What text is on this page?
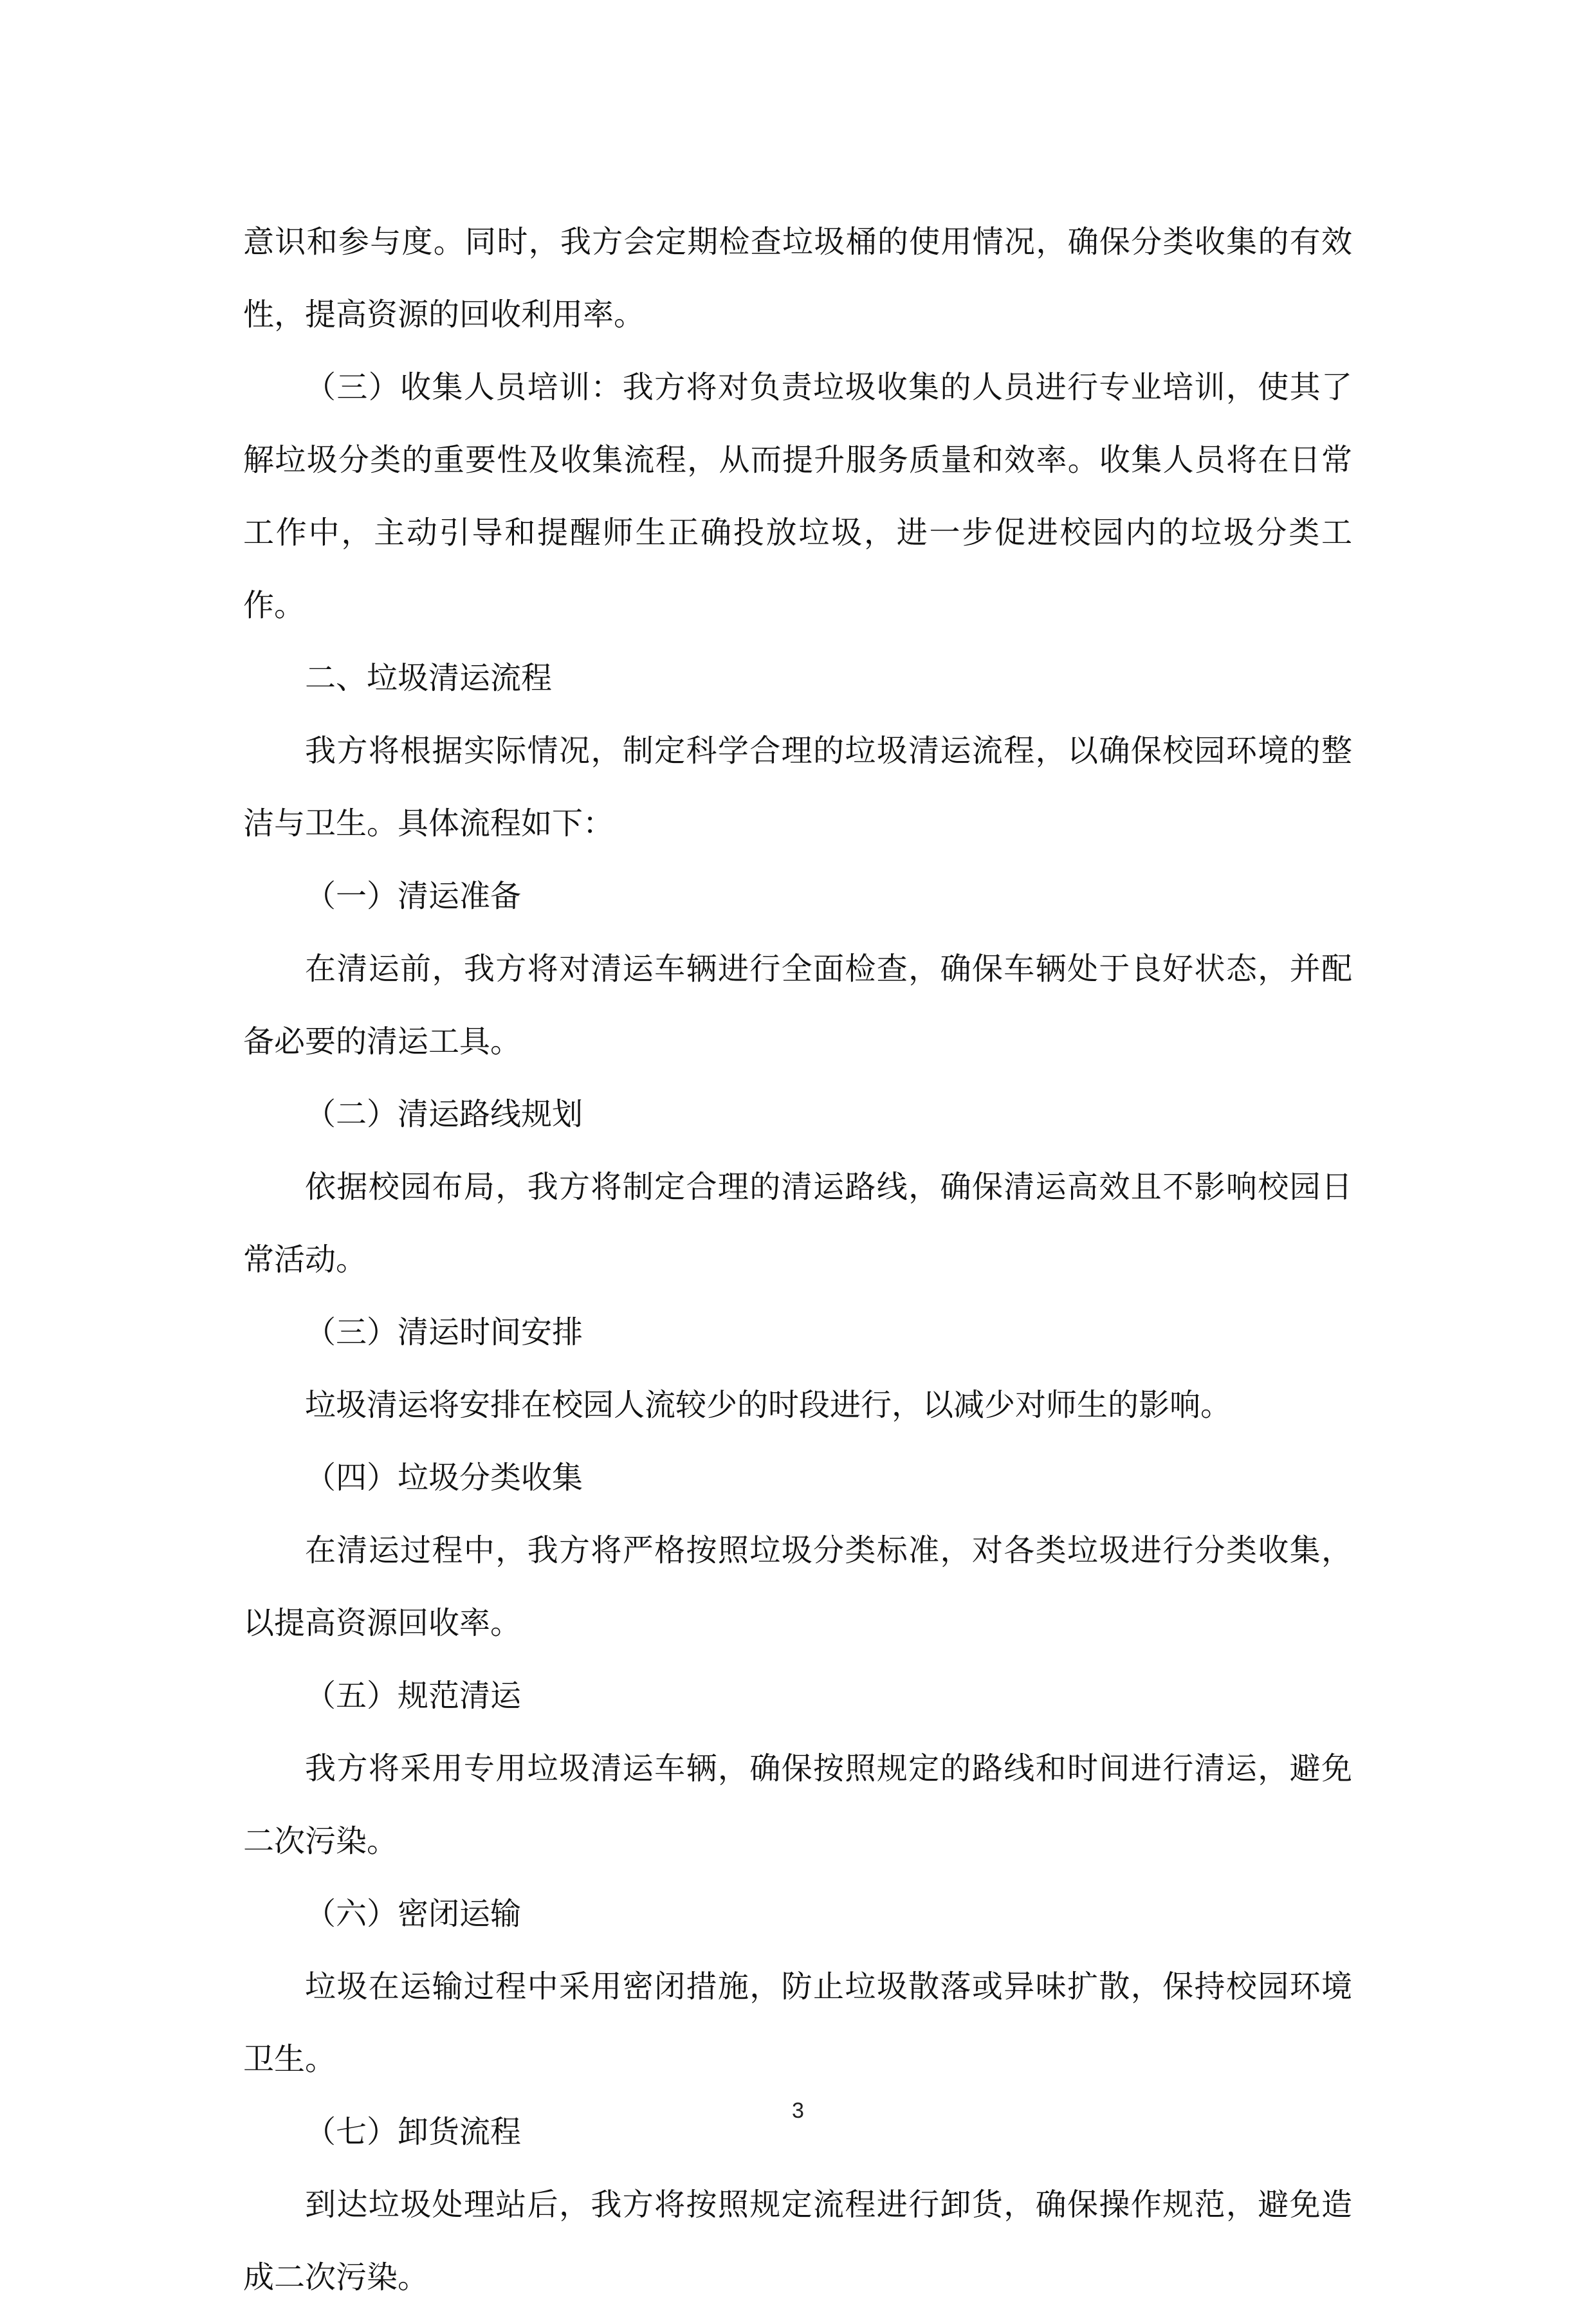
意识和参与度。同时，我方会定期检查垃圾桶的使用情况，确保分类收集的有效性，提高资源的回收利用率。

（三）收集人员培训：我方将对负责垃圾收集的人员进行专业培训，使其了解垃圾分类的重要性及收集流程，从而提升服务质量和效率。收集人员将在日常工作中，主动引导和提醒师生正确投放垃圾，进一步促进校园内的垃圾分类工作。

二、垃圾清运流程

我方将根据实际情况，制定科学合理的垃圾清运流程，以确保校园环境的整洁与卫生。具体流程如下：

（一）清运准备

在清运前，我方将对清运车辆进行全面检查，确保车辆处于良好状态，并配备必要的清运工具。

（二）清运路线规划

依据校园布局，我方将制定合理的清运路线，确保清运高效且不影响校园日常活动。

（三）清运时间安排

垃圾清运将安排在校园人流较少的时段进行，以减少对师生的影响。

（四）垃圾分类收集

在清运过程中，我方将严格按照垃圾分类标准，对各类垃圾进行分类收集，以提高资源回收率。

（五）规范清运

我方将采用专用垃圾清运车辆，确保按照规定的路线和时间进行清运，避免二次污染。

（六）密闭运输

垃圾在运输过程中采用密闭措施，防止垃圾散落或异味扩散，保持校园环境卫生。

（七）卸货流程

到达垃圾处理站后，我方将按照规定流程进行卸货，确保操作规范，避免造成二次污染。

3
